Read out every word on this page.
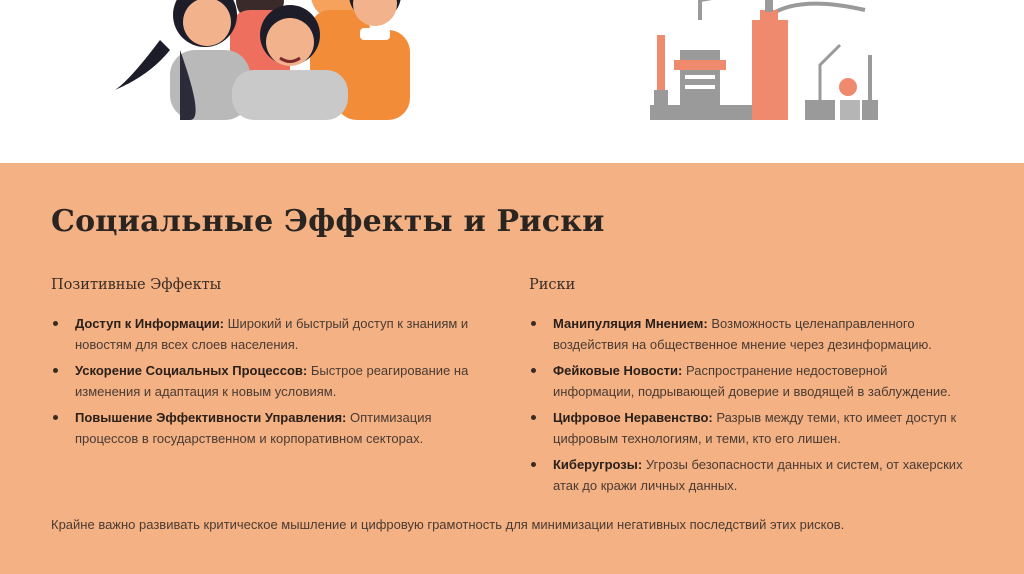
Социальные Эффекты и Риски
Позитивные Эффекты
Доступ к Информации: Широкий и быстрый доступ к знаниям и новостям для всех слоев населения.
Ускорение Социальных Процессов: Быстрое реагирование на изменения и адаптация к новым условиям.
Повышение Эффективности Управления: Оптимизация процессов в государственном и корпоративном секторах.
Риски
Манипуляция Мнением: Возможность целенаправленного воздействия на общественное мнение через дезинформацию.
Фейковые Новости: Распространение недостоверной информации, подрывающей доверие и вводящей в заблуждение.
Цифровое Неравенство: Разрыв между теми, кто имеет доступ к цифровым технологиям, и теми, кто его лишен.
Киберугрозы: Угрозы безопасности данных и систем, от хакерских атак до кражи личных данных.

Крайне важно развивать критическое мышление и цифровую грамотность для минимизации негативных последствий этих рисков.
